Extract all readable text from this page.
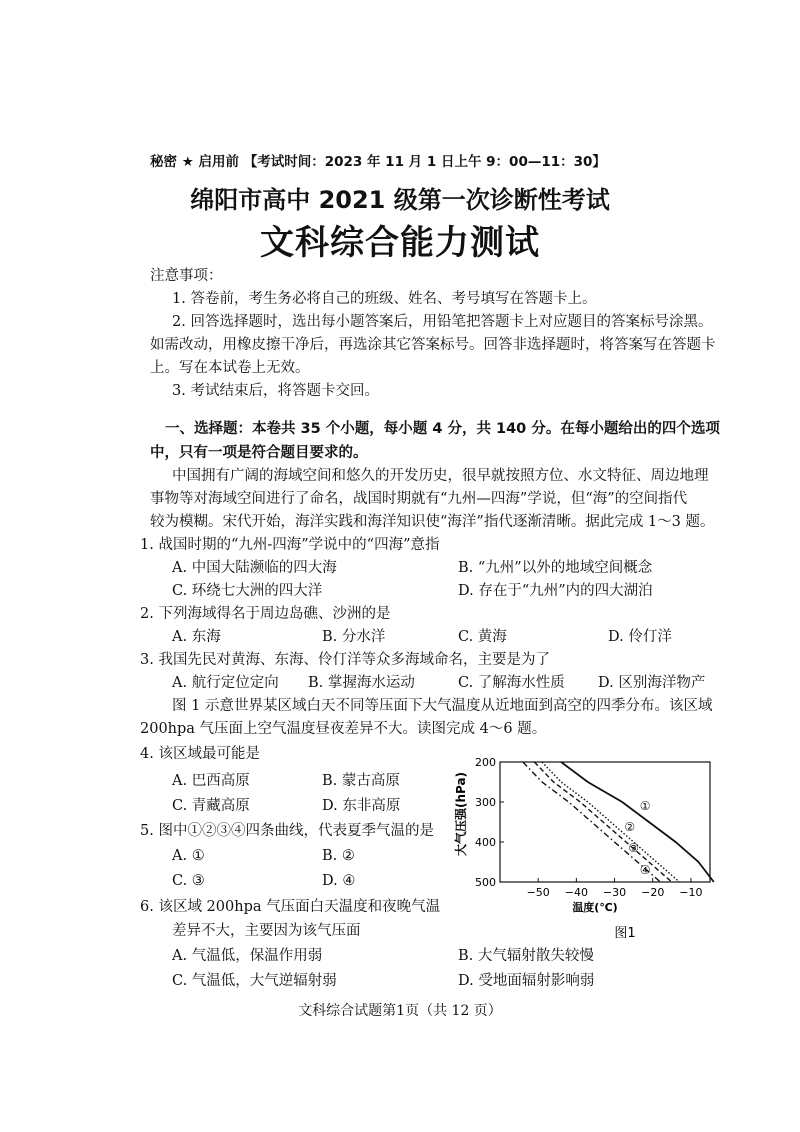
秘密 ★ 启用前 【考试时间：2023 年 11 月 1 日上午 9：00—11：30】
绵阳市高中 2021 级第一次诊断性考试
文科综合能力测试
注意事项：
1. 答卷前，考生务必将自己的班级、姓名、考号填写在答题卡上。
2. 回答选择题时，选出每小题答案后，用铅笔把答题卡上对应题目的答案标号涂黑。
如需改动，用橡皮擦干净后，再选涂其它答案标号。回答非选择题时，将答案写在答题卡
上。写在本试卷上无效。
3. 考试结束后，将答题卡交回。
一、选择题：本卷共 35 个小题，每小题 4 分，共 140 分。在每小题给出的四个选项
中，只有一项是符合题目要求的。
中国拥有广阔的海域空间和悠久的开发历史，很早就按照方位、水文特征、周边地理
事物等对海域空间进行了命名，战国时期就有“九州—四海”学说，但“海”的空间指代
较为模糊。宋代开始，海洋实践和海洋知识使“海洋”指代逐渐清晰。据此完成 1～3 题。
1. 战国时期的“九州-四海”学说中的“四海”意指
A. 中国大陆濒临的四大海	B. “九州”以外的地域空间概念
C. 环绕七大洲的四大洋	D. 存在于“九州”内的四大湖泊
2. 下列海域得名于周边岛礁、沙洲的是
A. 东海	B. 分水洋	C. 黄海	D. 伶仃洋
3. 我国先民对黄海、东海、伶仃洋等众多海域命名，主要是为了
A. 航行定位定向 B. 掌握海水运动	C. 了解海水性质 D. 区别海洋物产
图 1 示意世界某区域白天不同等压面下大气温度从近地面到高空的四季分布。该区域
200hpa 气压面上空气温度昼夜差异不大。读图完成 4～6 题。
4. 该区域最可能是
A. 巴西高原	B. 蒙古高原
C. 青藏高原	D. 东非高原
5. 图中①②③④四条曲线，代表夏季气温的是
A. ①	B. ②
C. ③	D. ④
6. 该区域 200hpa 气压面白天温度和夜晚气温
差异不大，主要因为该气压面
A. 气温低，保温作用弱	B. 大气辐射散失较慢
C. 气温低，大气逆辐射弱	D. 受地面辐射影响弱
−50 −40 −30 −20 −10
200
300
400
500
①
②
③
④
大气压强(hPa)
温度(℃)
图1
文科综合试题第1页（共 12 页）
